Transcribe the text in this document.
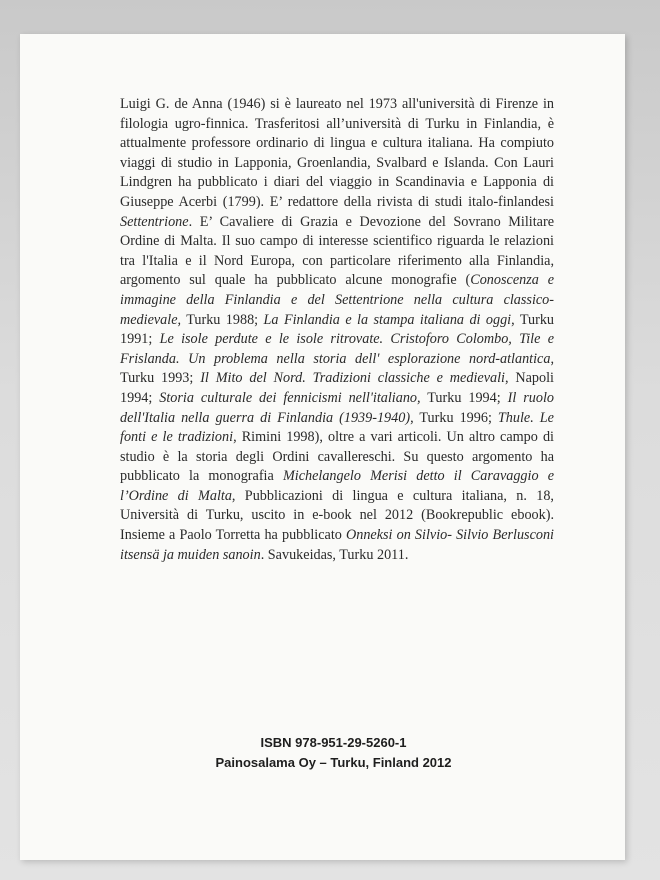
Luigi G. de Anna (1946) si è laureato nel 1973 all'università di Firenze in filologia ugro-finnica. Trasferitosi all’università di Turku in Finlandia, è attualmente professore ordinario di lingua e cultura italiana. Ha compiuto viaggi di studio in Lapponia, Groenlandia, Svalbard e Islanda. Con Lauri Lindgren ha pubblicato i diari del viaggio in Scandinavia e Lapponia di Giuseppe Acerbi (1799). E’ redattore della rivista di studi italo-finlandesi Settentrione. E’ Cavaliere di Grazia e Devozione del Sovrano Militare Ordine di Malta. Il suo campo di interesse scientifico riguarda le relazioni tra l'Italia e il Nord Europa, con particolare riferimento alla Finlandia, argomento sul quale ha pubblicato alcune monografie (Conoscenza e immagine della Finlandia e del Settentrione nella cultura classico-medievale, Turku 1988; La Finlandia e la stampa italiana di oggi, Turku 1991; Le isole perdute e le isole ritrovate. Cristoforo Colombo, Tile e Frislanda. Un problema nella storia dell' esplorazione nord-atlantica, Turku 1993; Il Mito del Nord. Tradizioni classiche e medievali, Napoli 1994; Storia culturale dei fennicismi nell'italiano, Turku 1994; Il ruolo dell'Italia nella guerra di Finlandia (1939-1940), Turku 1996; Thule. Le fonti e le tradizioni, Rimini 1998), oltre a vari articoli. Un altro campo di studio è la storia degli Ordini cavallereschi. Su questo argomento ha pubblicato la monografia Michelangelo Merisi detto il Caravaggio e l’Ordine di Malta, Pubblicazioni di lingua e cultura italiana, n. 18, Università di Turku, uscito in e-book nel 2012 (Bookrepublic ebook). Insieme a Paolo Torretta ha pubblicato Onneksi on Silvio- Silvio Berlusconi itsensä ja muiden sanoin. Savukeidas, Turku 2011.

ISBN 978-951-29-5260-1
Painosalama Oy – Turku, Finland 2012
